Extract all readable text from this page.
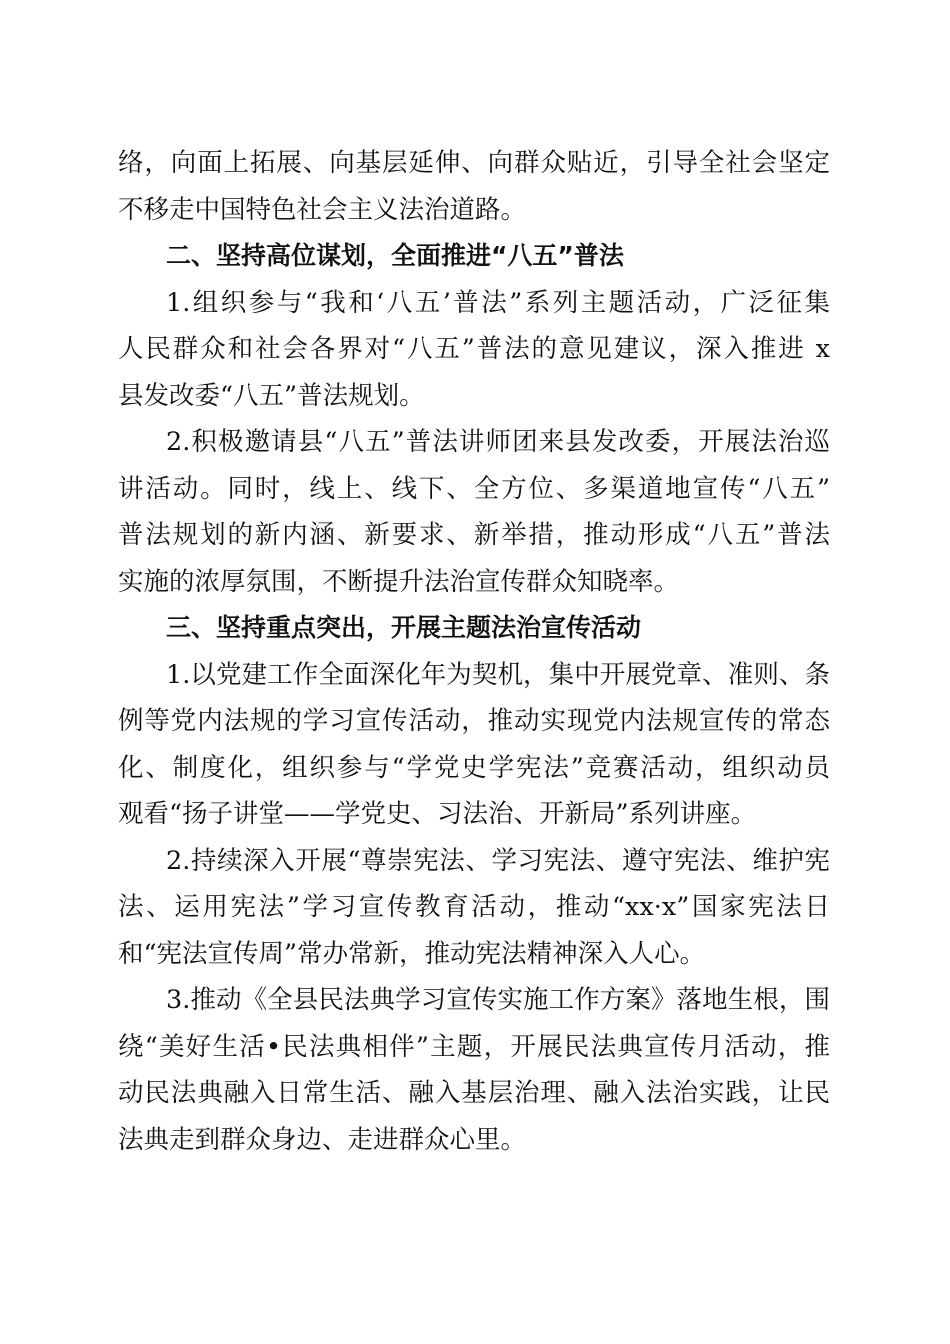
络，向面上拓展、向基层延伸、向群众贴近，引导全社会坚定
不移走中国特色社会主义法治道路。
二、坚持高位谋划，全面推进“八五”普法
1.组织参与“我和‘八五’普法”系列主题活动，广泛征集
人民群众和社会各界对“八五”普法的意见建议，深入推进 x
县发改委“八五”普法规划。
2.积极邀请县“八五”普法讲师团来县发改委，开展法治巡
讲活动。同时，线上、线下、全方位、多渠道地宣传“八五”
普法规划的新内涵、新要求、新举措，推动形成“八五”普法
实施的浓厚氛围，不断提升法治宣传群众知晓率。
三、坚持重点突出，开展主题法治宣传活动
1.以党建工作全面深化年为契机，集中开展党章、准则、条
例等党内法规的学习宣传活动，推动实现党内法规宣传的常态
化、制度化，组织参与“学党史学宪法”竞赛活动，组织动员
观看“扬子讲堂——学党史、习法治、开新局”系列讲座。
2.持续深入开展“尊崇宪法、学习宪法、遵守宪法、维护宪
法、运用宪法”学习宣传教育活动，推动“xx·x”国家宪法日
和“宪法宣传周”常办常新，推动宪法精神深入人心。
3.推动《全县民法典学习宣传实施工作方案》落地生根，围
绕“美好生活•民法典相伴”主题，开展民法典宣传月活动，推
动民法典融入日常生活、融入基层治理、融入法治实践，让民
法典走到群众身边、走进群众心里。
